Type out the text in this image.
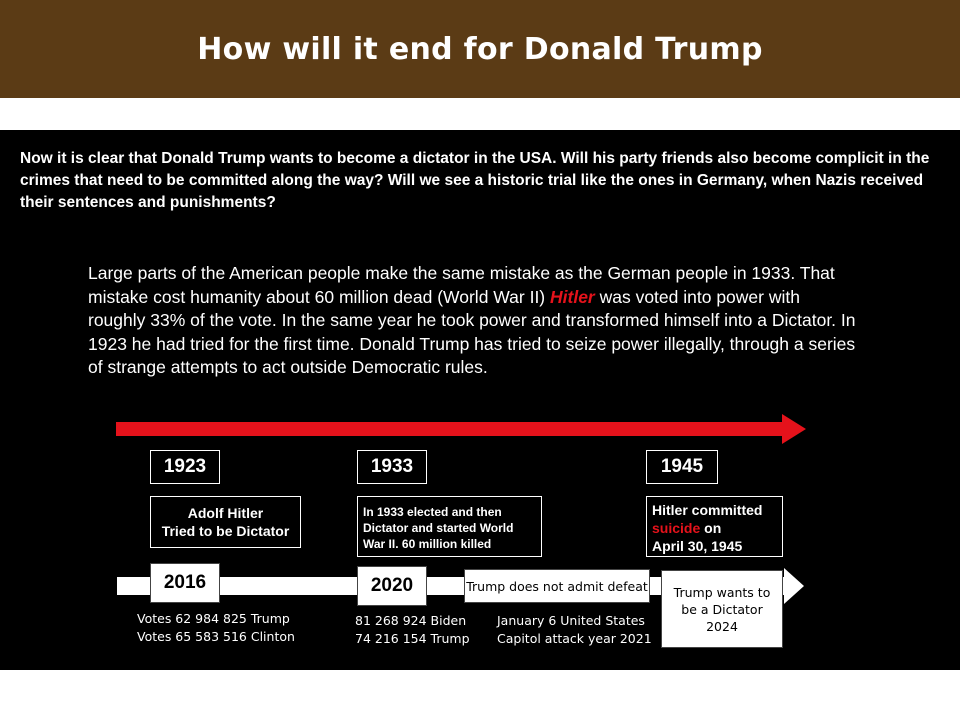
How will it end for Donald Trump
Now it is clear that Donald Trump wants to become a dictator in the USA. Will his party friends also become complicit in the crimes that need to be committed along the way? Will we see a historic trial like the ones in Germany, when Nazis received their sentences and punishments?
Large parts of the American people make the same mistake as the German people in 1933. That mistake cost humanity about 60 million dead (World War II) Hitler was voted into power with roughly 33% of the vote. In the same year he took power and transformed himself into a Dictator. In 1923 he had tried for the first time. Donald Trump has tried to seize power illegally, through a series of strange attempts to act outside Democratic rules.
1923	1933	1945
Adolf Hitler
Tried to be Dictator
In 1933 elected and then
Dictator and started World
War II. 60 million killed
Hitler committed
suicide on
April 30, 1945
2016	2020	Trump does not admit defeat Trump wants to
be a Dictator
2024
Votes 62 984 825 Trump
Votes 65 583 516 Clinton
81 268 924 Biden
74 216 154 Trump
January 6 United States
Capitol attack year 2021
